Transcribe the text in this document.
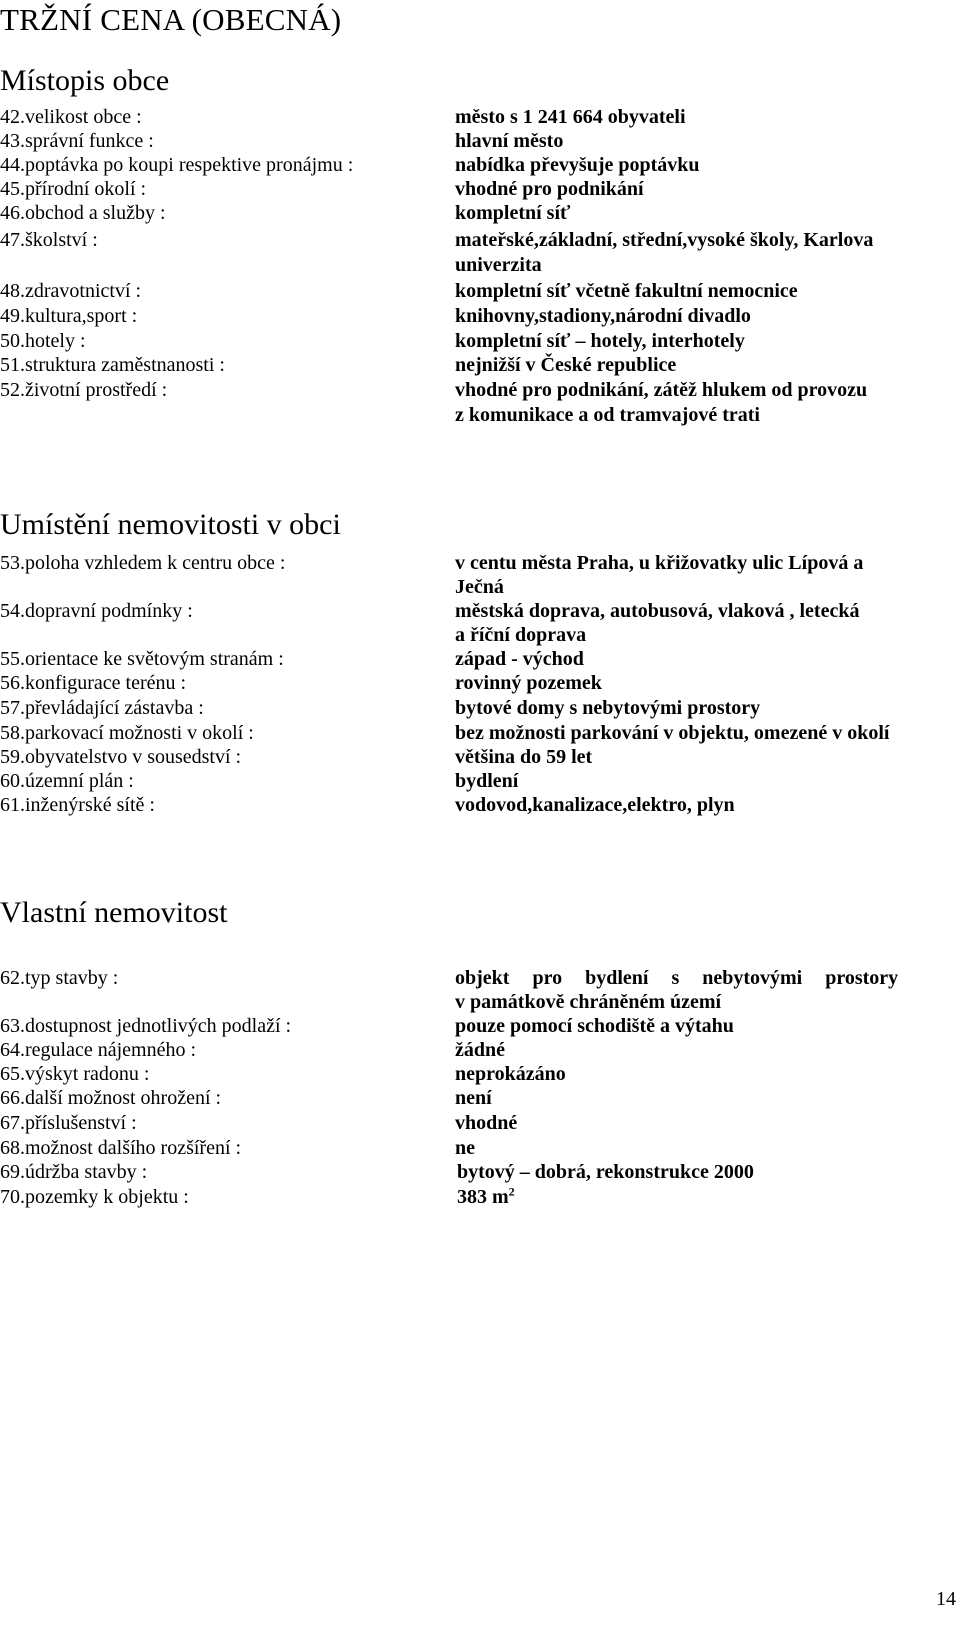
TRŽNÍ CENA (OBECNÁ)
Místopis obce
42.velikost obce :	město s 1 241 664 obyvateli
43.správní funkce :	hlavní město
44.poptávka po koupi respektive pronájmu :	nabídka převyšuje poptávku
45.přírodní okolí :	vhodné pro podnikání
46.obchod a služby :	kompletní síť
47.školství :	mateřské,základní, střední,vysoké školy, Karlova
univerzita
48.zdravotnictví :	kompletní síť včetně fakultní nemocnice
49.kultura,sport :	knihovny,stadiony,národní divadlo
50.hotely :	kompletní síť – hotely, interhotely
51.struktura zaměstnanosti :	nejnižší v České republice
52.životní prostředí :	vhodné pro podnikání, zátěž hlukem od provozu
z komunikace a od tramvajové trati
Umístění nemovitosti v obci
53.poloha vzhledem k centru obce :	v centu města Praha, u křižovatky ulic Lípová a
Ječná
54.dopravní podmínky :	městská doprava, autobusová, vlaková , letecká
a říční doprava
55.orientace ke světovým stranám :	západ - východ
56.konfigurace terénu :	rovinný pozemek
57.převládající zástavba :	bytové domy s nebytovými prostory
58.parkovací možnosti v okolí :	bez možnosti parkování v objektu, omezené v okolí
59.obyvatelstvo v sousedství :	většina do 59 let
60.územní plán :	bydlení
61.inženýrské sítě :	vodovod,kanalizace,elektro, plyn
Vlastní nemovitost
62.typ stavby :	objekt pro bydlení s nebytovými prostory
v památkově chráněném území
63.dostupnost jednotlivých podlaží :	pouze pomocí schodiště a výtahu
64.regulace nájemného :	žádné
65.výskyt radonu :	neprokázáno
66.další možnost ohrožení :	není
67.příslušenství :	vhodné
68.možnost dalšího rozšíření :	ne
69.údržba stavby :	bytový – dobrá, rekonstrukce 2000
70.pozemky k objektu :	383 $m^2$
14
